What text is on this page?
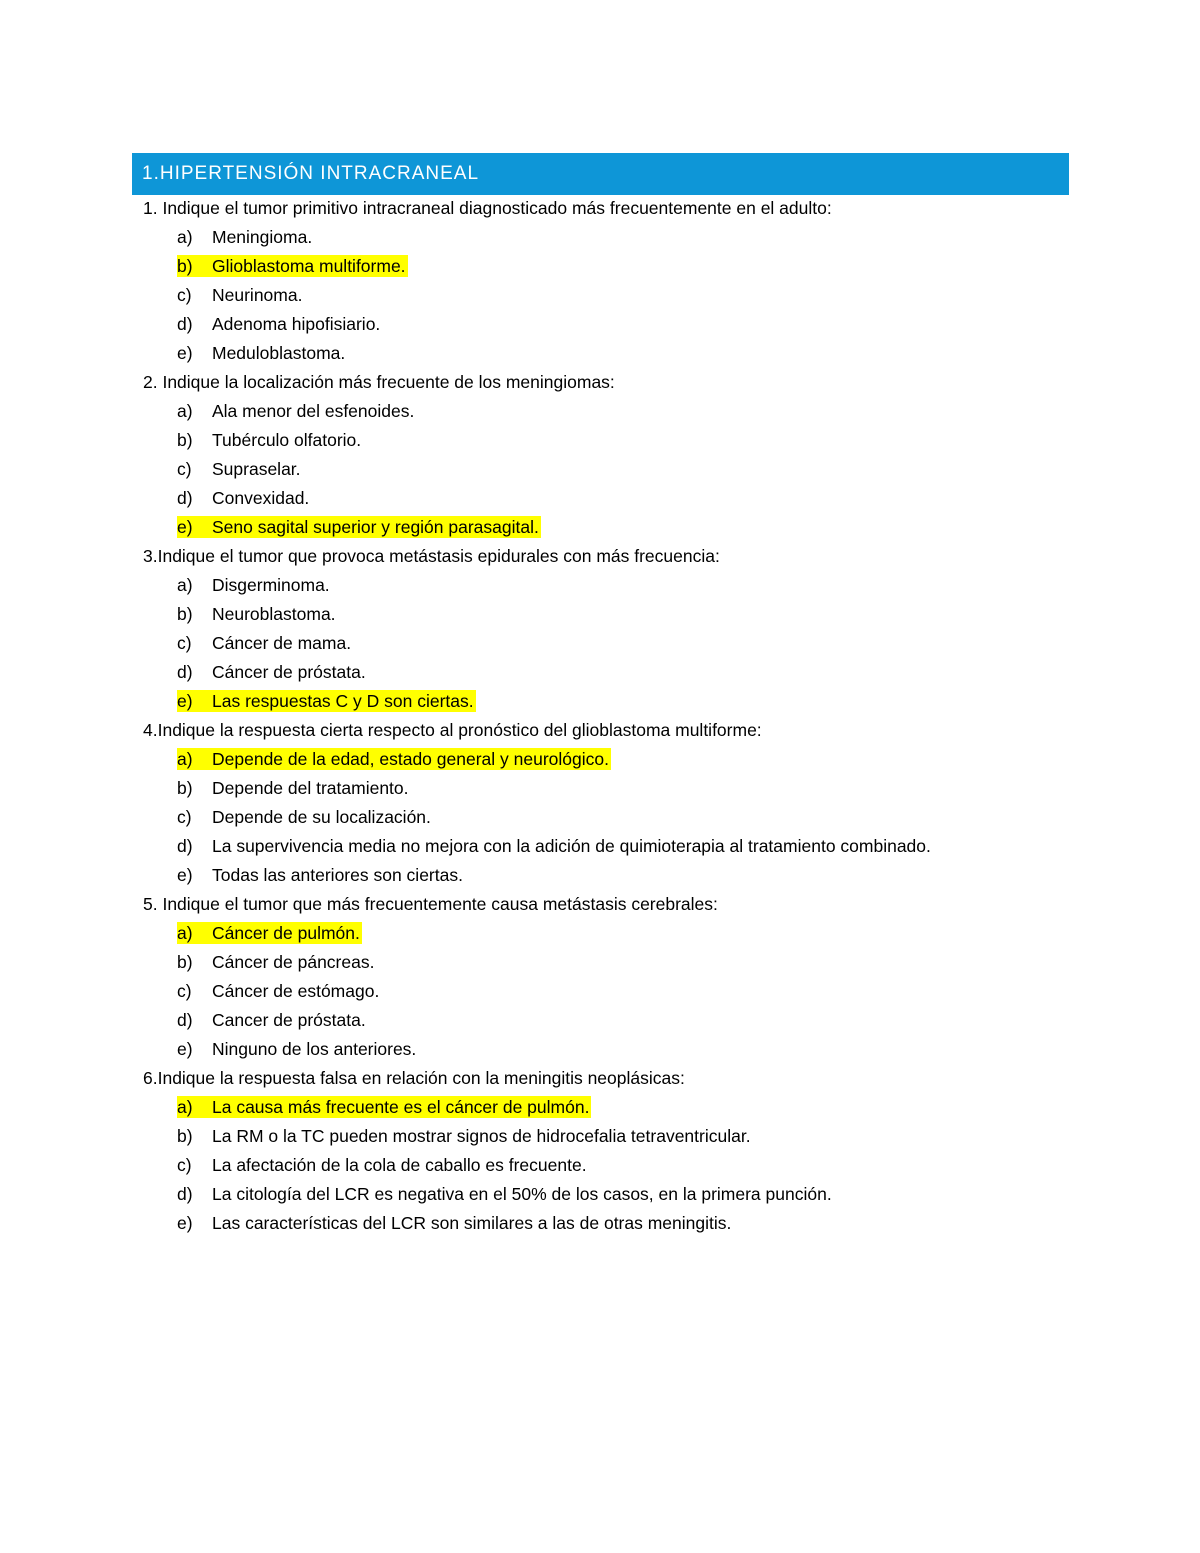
1.HIPERTENSIÓN INTRACRANEAL
1. Indique el tumor primitivo intracraneal diagnosticado más frecuentemente en el adulto:
a)	Meningioma.
b)	Glioblastoma multiforme.
c)	Neurinoma.
d)	Adenoma hipofisiario.
e)	Meduloblastoma.
2. Indique la localización más frecuente de los meningiomas:
a)	Ala menor del esfenoides.
b)	Tubérculo olfatorio.
c)	Supraselar.
d)	Convexidad.
e)	Seno sagital superior y región parasagital.
3.Indique el tumor que provoca metástasis epidurales con más frecuencia:
a)	Disgerminoma.
b)	Neuroblastoma.
c)	Cáncer de mama.
d)	Cáncer de próstata.
e)	Las respuestas C y D son ciertas.
4.Indique la respuesta cierta respecto al pronóstico del glioblastoma multiforme:
a)	Depende de la edad, estado general y neurológico.
b)	Depende del tratamiento.
c)	Depende de su localización.
d)	La supervivencia media no mejora con la adición de quimioterapia al tratamiento combinado.
e)	Todas las anteriores son ciertas.
5. Indique el tumor que más frecuentemente causa metástasis cerebrales:
a)	Cáncer de pulmón.
b)	Cáncer de páncreas.
c)	Cáncer de estómago.
d)	Cancer de próstata.
e)	Ninguno de los anteriores.
6.Indique la respuesta falsa en relación con la meningitis neoplásicas:
a)	La causa más frecuente es el cáncer de pulmón.
b)	La RM o la TC pueden mostrar signos de hidrocefalia tetraventricular.
c)	La afectación de la cola de caballo es frecuente.
d)	La citología del LCR es negativa en el 50% de los casos, en la primera punción.
e)	Las características del LCR son similares a las de otras meningitis.
